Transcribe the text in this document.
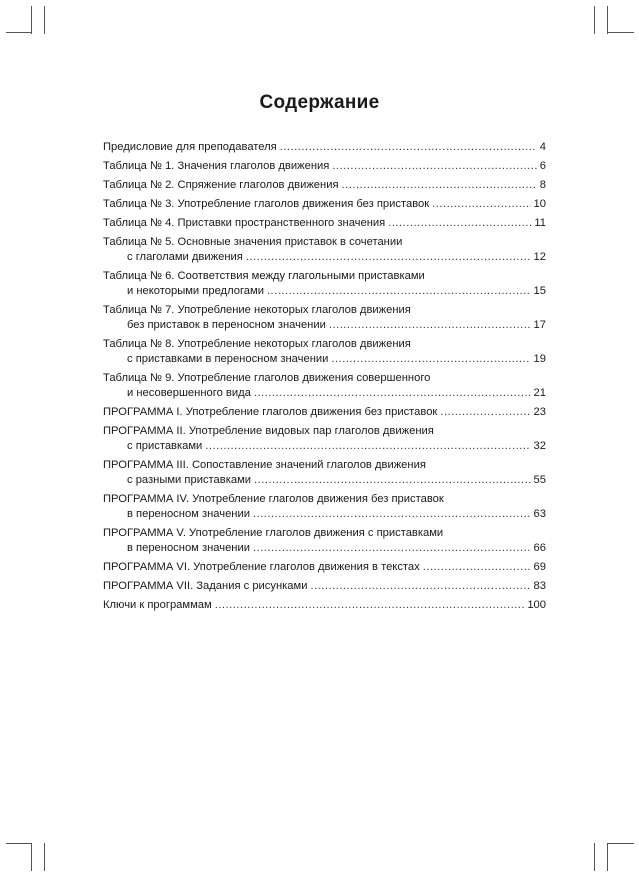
Содержание
Предисловие для преподавателя .....	4
Таблица № 1. Значения глаголов движения .....	6
Таблица № 2. Спряжение глаголов движения .....	8
Таблица № 3. Употребление глаголов движения без приставок .....	10
Таблица № 4. Приставки пространственного значения .....	11
Таблица № 5. Основные значения приставок в сочетании
с глаголами движения .....	12
Таблица № 6. Соответствия между глагольными приставками
и некоторыми предлогами .....	15
Таблица № 7. Употребление некоторых глаголов движения
без приставок в переносном значении .....	17
Таблица № 8. Употребление некоторых глаголов движения
с приставками в переносном значении .....	19
Таблица № 9. Употребление глаголов движения совершенного
и несовершенного вида .....	21
ПРОГРАММА I. Употребление глаголов движения без приставок .....	23
ПРОГРАММА II. Употребление видовых пар глаголов движения
с приставками .....	32
ПРОГРАММА III. Сопоставление значений глаголов движения
с разными приставками .....	55
ПРОГРАММА IV. Употребление глаголов движения без приставок
в переносном значении .....	63
ПРОГРАММА V. Употребление глаголов движения с приставками
в переносном значении .....	66
ПРОГРАММА VI. Употребление глаголов движения в текстах .....	69
ПРОГРАММА VII. Задания с рисунками .....	83
Ключи к программам .....	100
